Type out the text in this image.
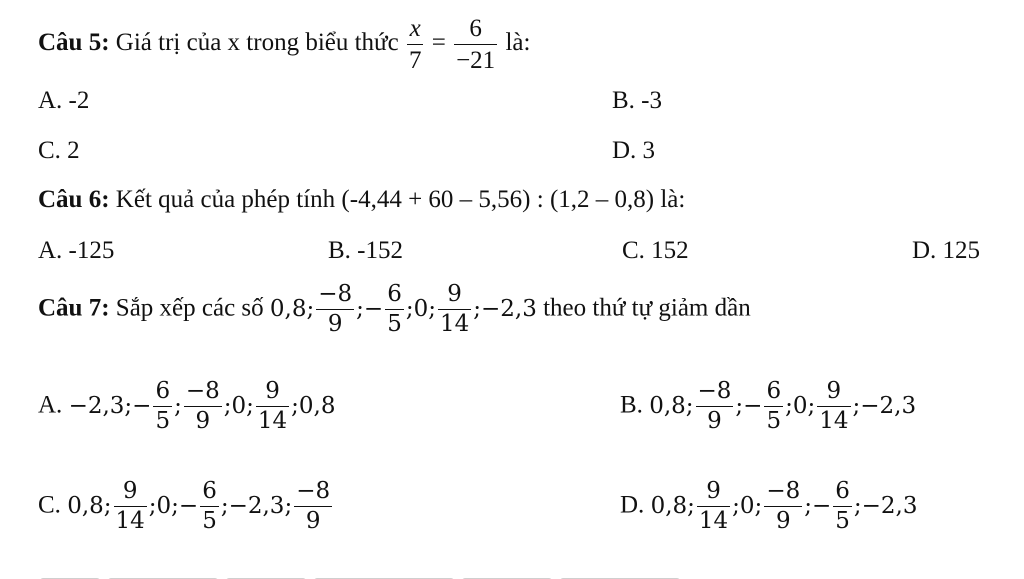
Câu 5: Giá trị của x trong biểu thức $\frac{x}{7} = \frac{6}{-21}$ là:
A. -2	B. -3
C. 2	D. 3
Câu 6: Kết quả của phép tính (-4,44 + 60 – 5,56) : (1,2 – 0,8) là:
A. -125	B. -152	C. 152	D. 125
Câu 7: Sắp xếp các số 0,8; $\frac{-8}{9}$ ;− $\frac{6}{5}$ ;0; $\frac{9}{14}$ ;−2,3 theo thứ tự giảm dần
A. −2,3;− $\frac{6}{5}$ ; $\frac{-8}{9}$ ;0; $\frac{9}{14}$ ;0,8	B. 0,8; $\frac{-8}{9}$ ;− $\frac{6}{5}$ ;0; $\frac{9}{14}$ ;−2,3
C. 0,8; $\frac{9}{14}$ ;0;− $\frac{6}{5}$ ;−2,3; $\frac{-8}{9}$	D. 0,8; $\frac{9}{14}$ ;0; $\frac{-8}{9}$ ;− $\frac{6}{5}$ ;−2,3
